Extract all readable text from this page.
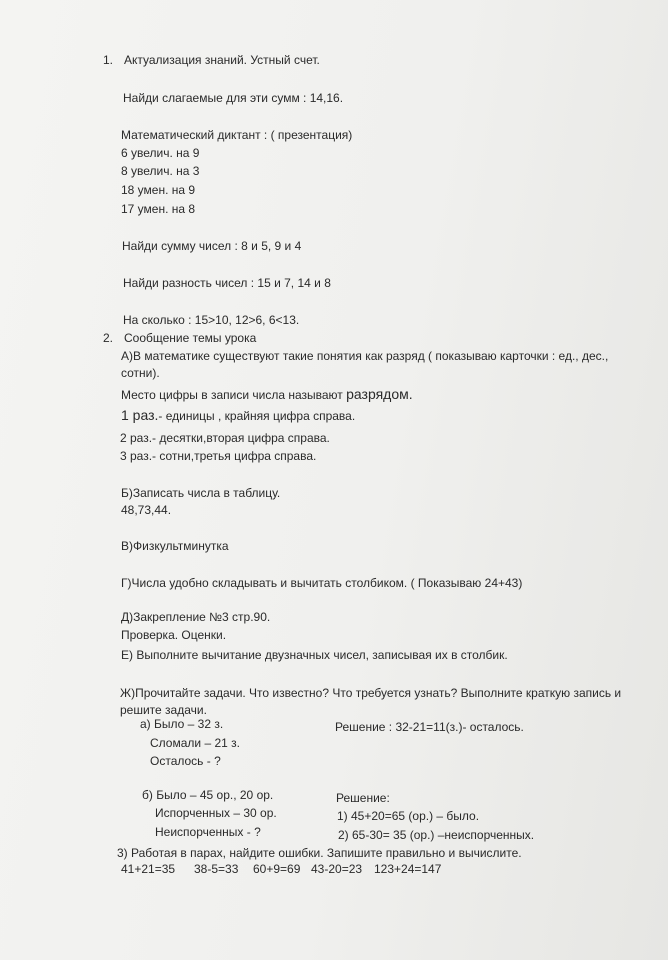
1. Актуализация знаний. Устный счет.
Найди слагаемые для эти сумм : 14,16.
Математический диктант : ( презентация)
6 увелич. на 9
8 увелич. на 3
18 умен. на 9
17 умен. на 8
Найди сумму чисел : 8 и 5, 9 и 4
Найди разность чисел : 15 и 7, 14 и 8
На сколько : 15>10, 12>6, 6<13.
2. Сообщение темы урока
А)В математике существуют такие понятия как разряд ( показываю карточки : ед., дес.,
сотни).
Место цифры в записи числа называют разрядом.
1 раз.- единицы , крайняя цифра справа.
2 раз.- десятки,вторая цифра справа.
3 раз.- сотни,третья цифра справа.
Б)Записать числа в таблицу.
48,73,44.
В)Физкультминутка
Г)Числа удобно складывать и вычитать столбиком. ( Показываю 24+43)
Д)Закрепление №3 стр.90.
Проверка. Оценки.
Е) Выполните вычитание двузначных чисел, записывая их в столбик.
Ж)Прочитайте задачи. Что известно? Что требуется узнать? Выполните краткую запись и
решите задачи.
а) Было – 32 з.
Сломали – 21 з.
Осталось - ?
Решение : 32-21=11(з.)- осталось.
б) Было – 45 ор., 20 ор.
Испорченных – 30 ор.
Неиспорченных - ?
Решение:
1) 45+20=65 (ор.) – было.
2) 65-30= 35 (ор.) –неиспорченных.
3) Работая в парах, найдите ошибки. Запишите правильно и вычислите.
41+21=35 38-5=33 60+9=69 43-20=23 123+24=147
